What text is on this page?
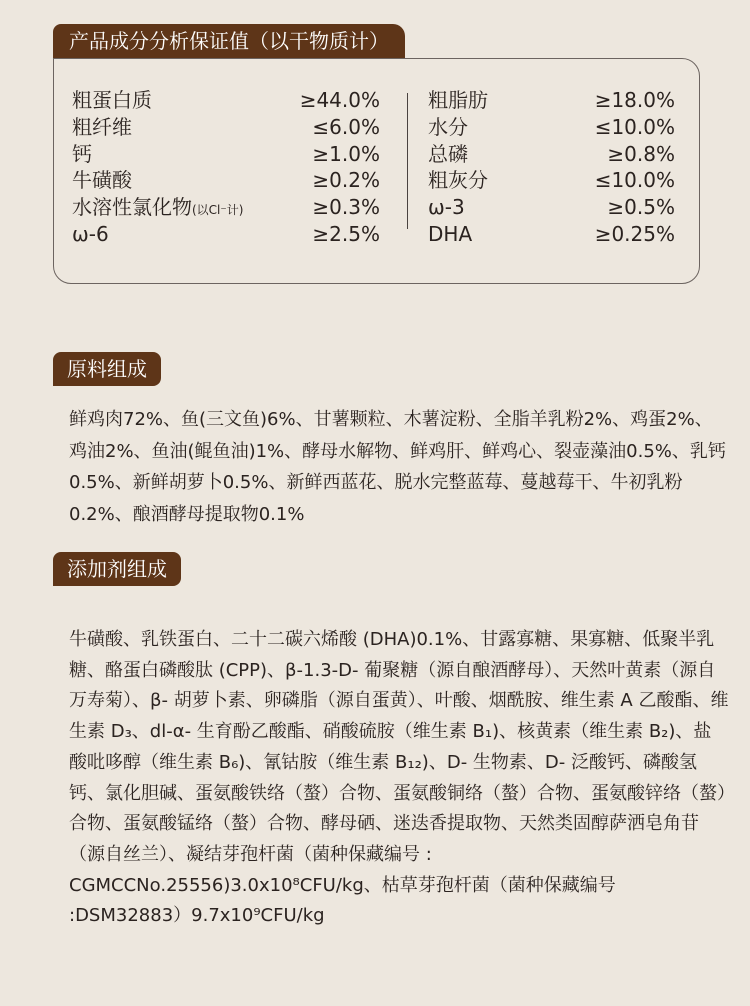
产品成分分析保证值（以干物质计）
粗蛋白质	≥44.0%
粗纤维	≤6.0%
钙	≥1.0%
牛磺酸	≥0.2%
水溶性氯化物(以Cl⁻计)	≥0.3%
ω-6	≥2.5%
粗脂肪	≥18.0%
水分	≤10.0%
总磷	≥0.8%
粗灰分	≤10.0%
ω-3	≥0.5%
DHA	≥0.25%
原料组成
鲜鸡肉72%、鱼(三文鱼)6%、甘薯颗粒、木薯淀粉、全脂羊乳粉2%、鸡蛋2%、鸡油2%、鱼油(鲲鱼油)1%、酵母水解物、鲜鸡肝、鲜鸡心、裂壶藻油0.5%、乳钙0.5%、新鲜胡萝卜0.5%、新鲜西蓝花、脱水完整蓝莓、蔓越莓干、牛初乳粉0.2%、酿酒酵母提取物0.1%
添加剂组成
牛磺酸、乳铁蛋白、二十二碳六烯酸 (DHA)0.1%、甘露寡糖、果寡糖、低聚半乳糖、酪蛋白磷酸肽 (CPP)、β-1.3-D- 葡聚糖（源自酿酒酵母）、天然叶黄素（源自万寿菊）、β- 胡萝卜素、卵磷脂（源自蛋黄）、叶酸、烟酰胺、维生素 A 乙酸酯、维生素 D₃、dl-α- 生育酚乙酸酯、硝酸硫胺（维生素 B₁)、核黄素（维生素 B₂)、盐酸吡哆醇（维生素 B₆)、氰钴胺（维生素 B₁₂)、D- 生物素、D- 泛酸钙、磷酸氢钙、氯化胆碱、蛋氨酸铁络（螯）合物、蛋氨酸铜络（螯）合物、蛋氨酸锌络（螯）合物、蛋氨酸锰络（螯）合物、酵母硒、迷迭香提取物、天然类固醇萨洒皂角苷（源自丝兰）、凝结芽孢杆菌（菌种保藏编号 : CGMCCNo.25556)3.0x10⁸CFU/kg、枯草芽孢杆菌（菌种保藏编号 :DSM32883）9.7x10⁹CFU/kg
